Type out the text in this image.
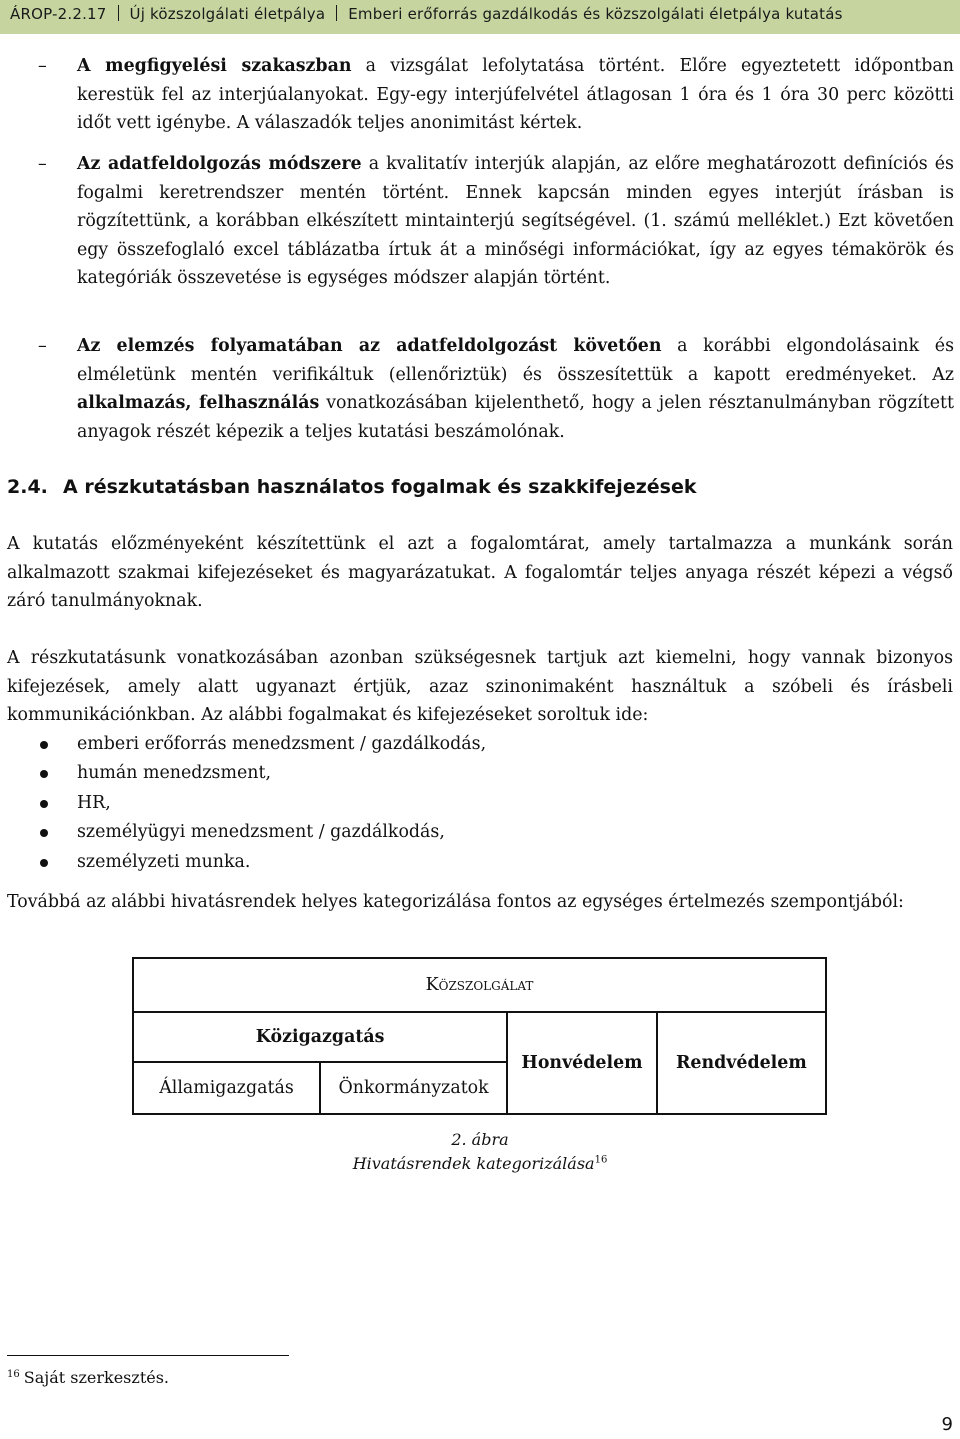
ÁROP-2.2.17 Új közszolgálati életpálya Emberi erőforrás gazdálkodás és közszolgálati életpálya kutatás
–	A megfigyelési szakaszban a vizsgálat lefolytatása történt. Előre egyeztetett időpontban kerestük fel az interjúalanyokat. Egy-egy interjúfelvétel átlagosan 1 óra és 1 óra 30 perc közötti időt vett igénybe. A válaszadók teljes anonimitást kértek.
–	Az adatfeldolgozás módszere a kvalitatív interjúk alapján, az előre meghatározott definíciós és fogalmi keretrendszer mentén történt. Ennek kapcsán minden egyes interjút írásban is rögzítettünk, a korábban elkészített mintainterjú segítségével. (1. számú melléklet.) Ezt követően egy összefoglaló excel táblázatba írtuk át a minőségi információkat, így az egyes témakörök és kategóriák összevetése is egységes módszer alapján történt.
–	Az elemzés folyamatában az adatfeldolgozást követően a korábbi elgondolásaink és elméletünk mentén verifikáltuk (ellenőriztük) és összesítettük a kapott eredményeket. Az alkalmazás, felhasználás vonatkozásában kijelenthető, hogy a jelen résztanulmányban rögzített anyagok részét képezik a teljes kutatási beszámolónak.
2.4. A részkutatásban használatos fogalmak és szakkifejezések
A kutatás előzményeként készítettünk el azt a fogalomtárat, amely tartalmazza a munkánk során alkalmazott szakmai kifejezéseket és magyarázatukat. A fogalomtár teljes anyaga részét képezi a végső záró tanulmányoknak.
A részkutatásunk vonatkozásában azonban szükségesnek tartjuk azt kiemelni, hogy vannak bizonyos kifejezések, amely alatt ugyanazt értjük, azaz szinonimaként használtuk a szóbeli és írásbeli kommunikációnkban. Az alábbi fogalmakat és kifejezéseket soroltuk ide:
emberi erőforrás menedzsment / gazdálkodás,
humán menedzsment,
HR,
személyügyi menedzsment / gazdálkodás,
személyzeti munka.
Továbbá az alábbi hivatásrendek helyes kategorizálása fontos az egységes értelmezés szempontjából:
Közszolgálat			
Közigazgatás		Honvédelem	Rendvédelem
Államigazgatás	Önkormányzatok		
2. ábra
Hivatásrendek kategorizálása$^{16}$
$^{16}$ Saját szerkesztés.
9
